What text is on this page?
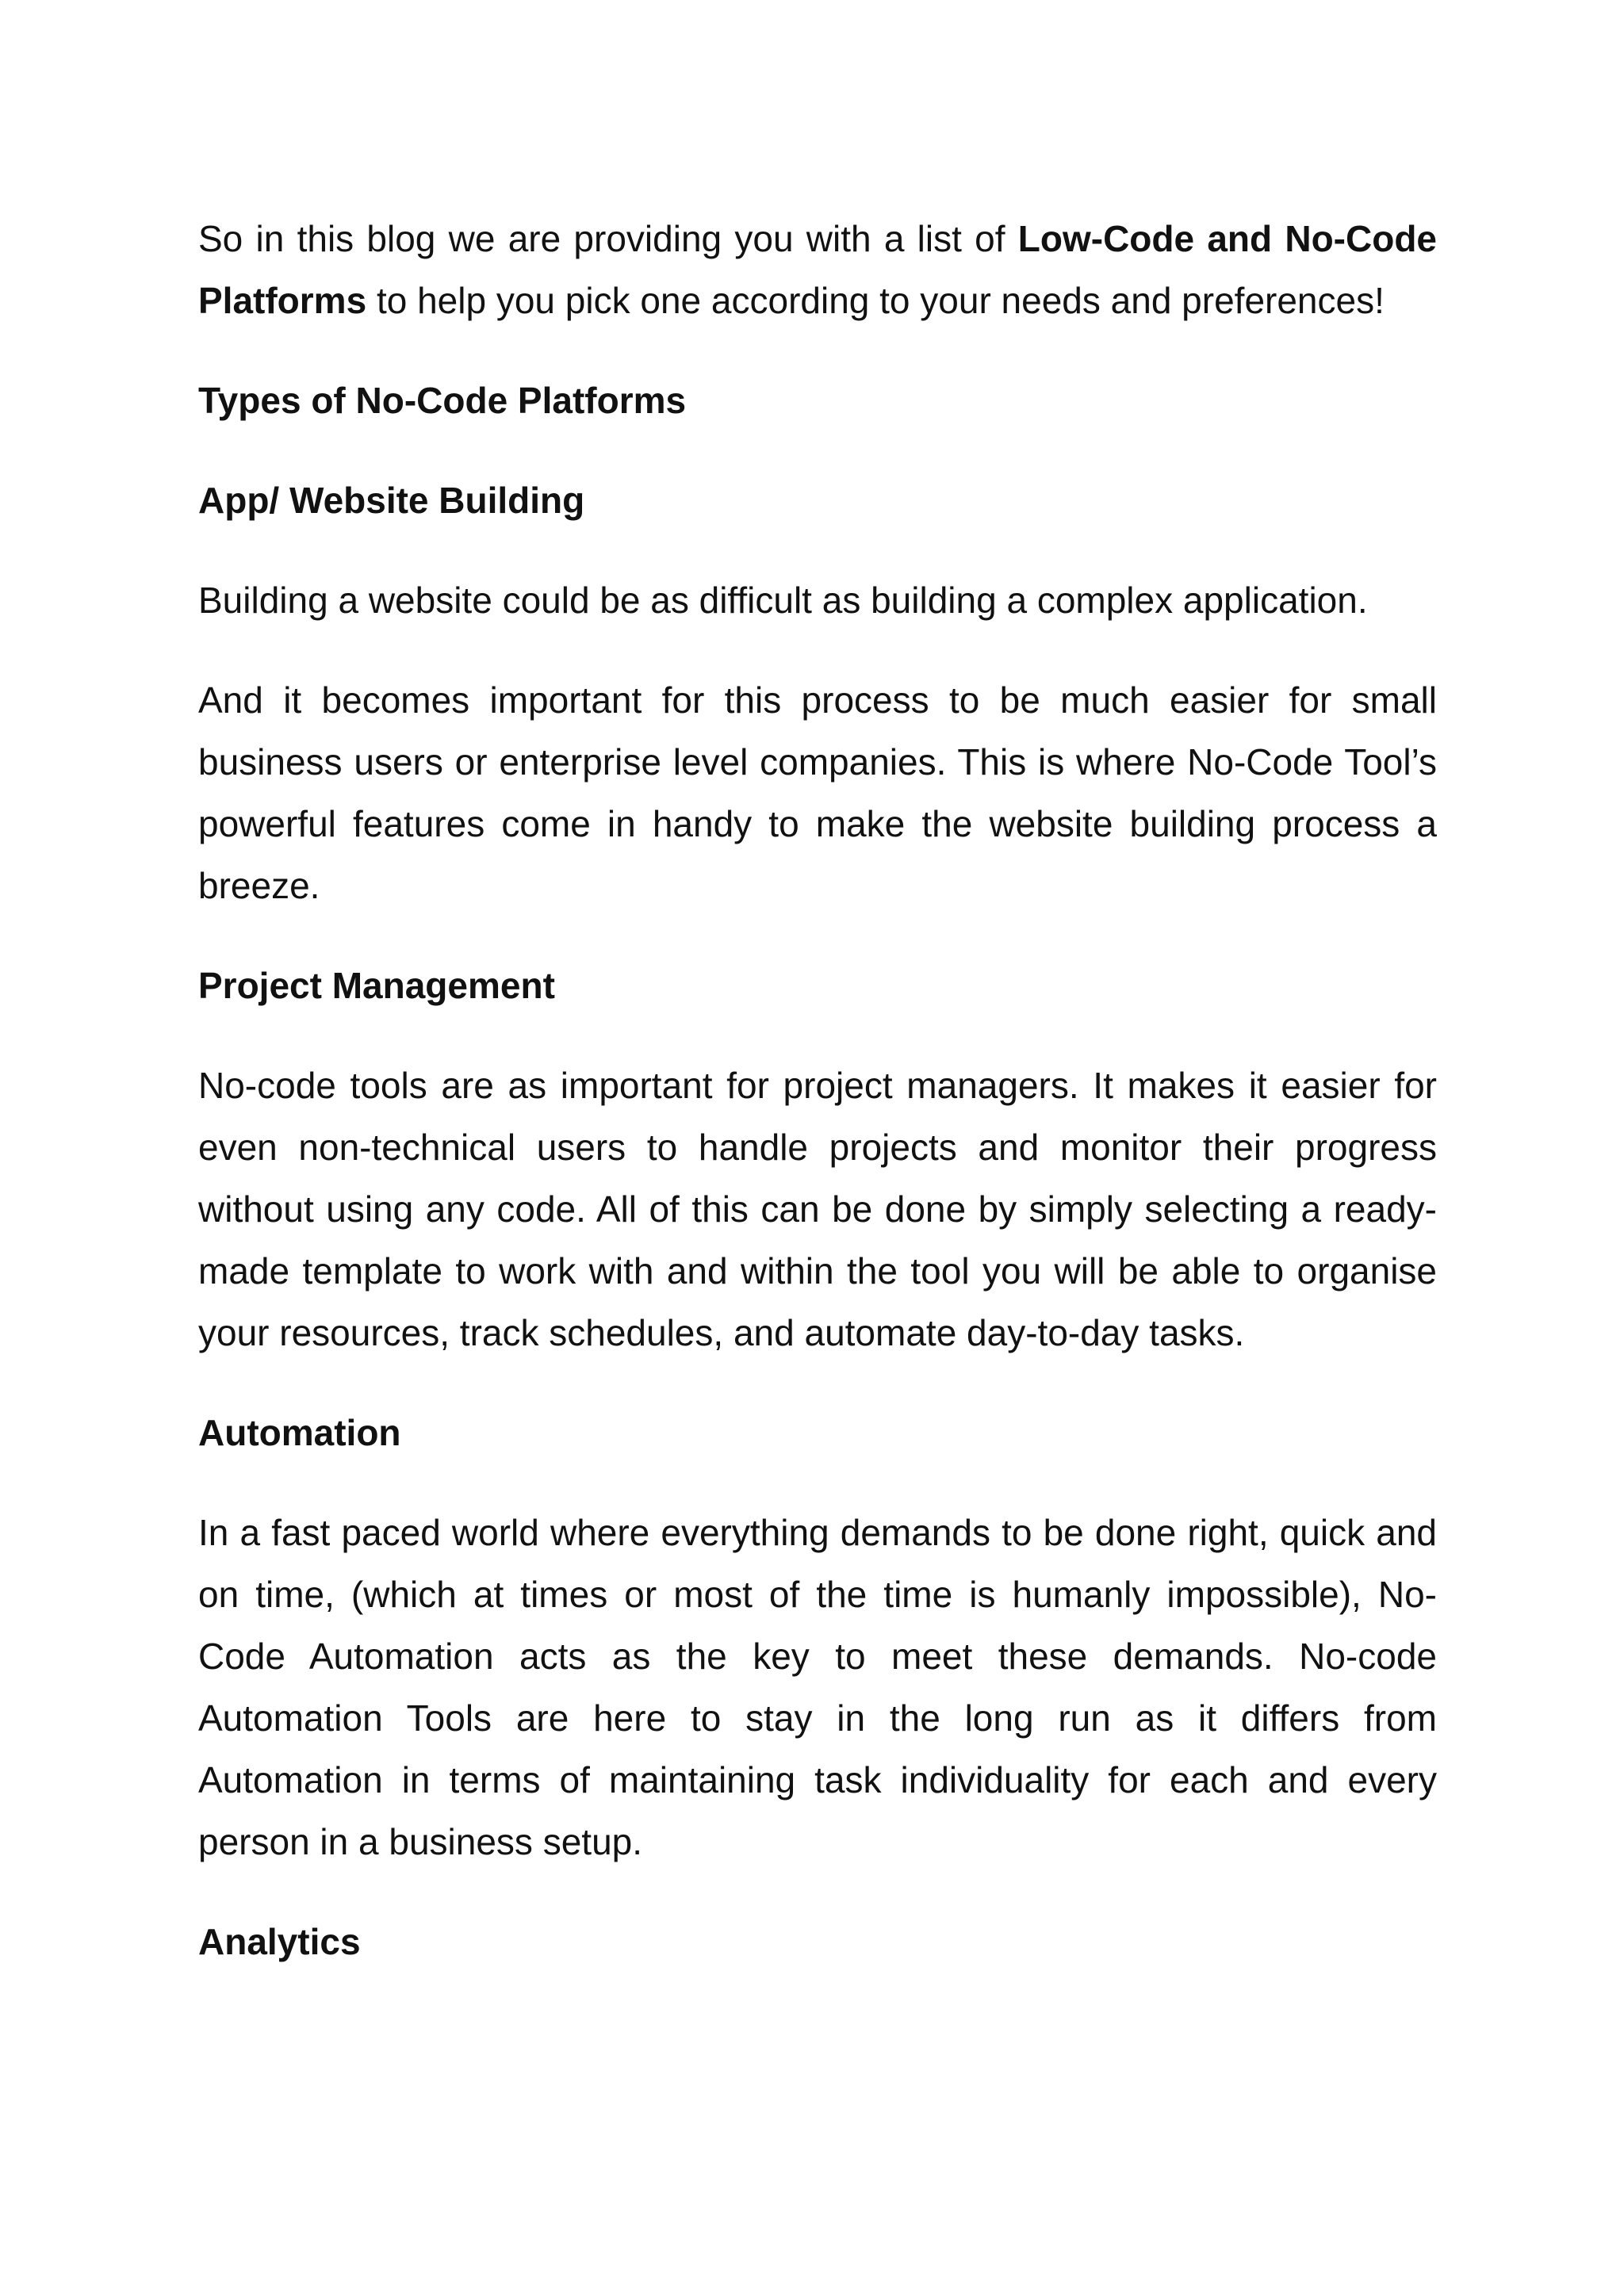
So in this blog we are providing you with a list of Low-Code and No-Code Platforms to help you pick one according to your needs and preferences!

Types of No-Code Platforms
App/ Website Building

Building a website could be as difficult as building a complex application.

And it becomes important for this process to be much easier for small business users or enterprise level companies. This is where No-Code Tool’s powerful features come in handy to make the website building process a breeze.

Project Management

No-code tools are as important for project managers. It makes it easier for even non-technical users to handle projects and monitor their progress without using any code. All of this can be done by simply selecting a ready-made template to work with and within the tool you will be able to organise your resources, track schedules, and automate day-to-day tasks.

Automation

In a fast paced world where everything demands to be done right, quick and on time, (which at times or most of the time is humanly impossible), No-Code Automation acts as the key to meet these demands. No-code Automation Tools are here to stay in the long run as it differs from Automation in terms of maintaining task individuality for each and every person in a business setup.

Analytics
